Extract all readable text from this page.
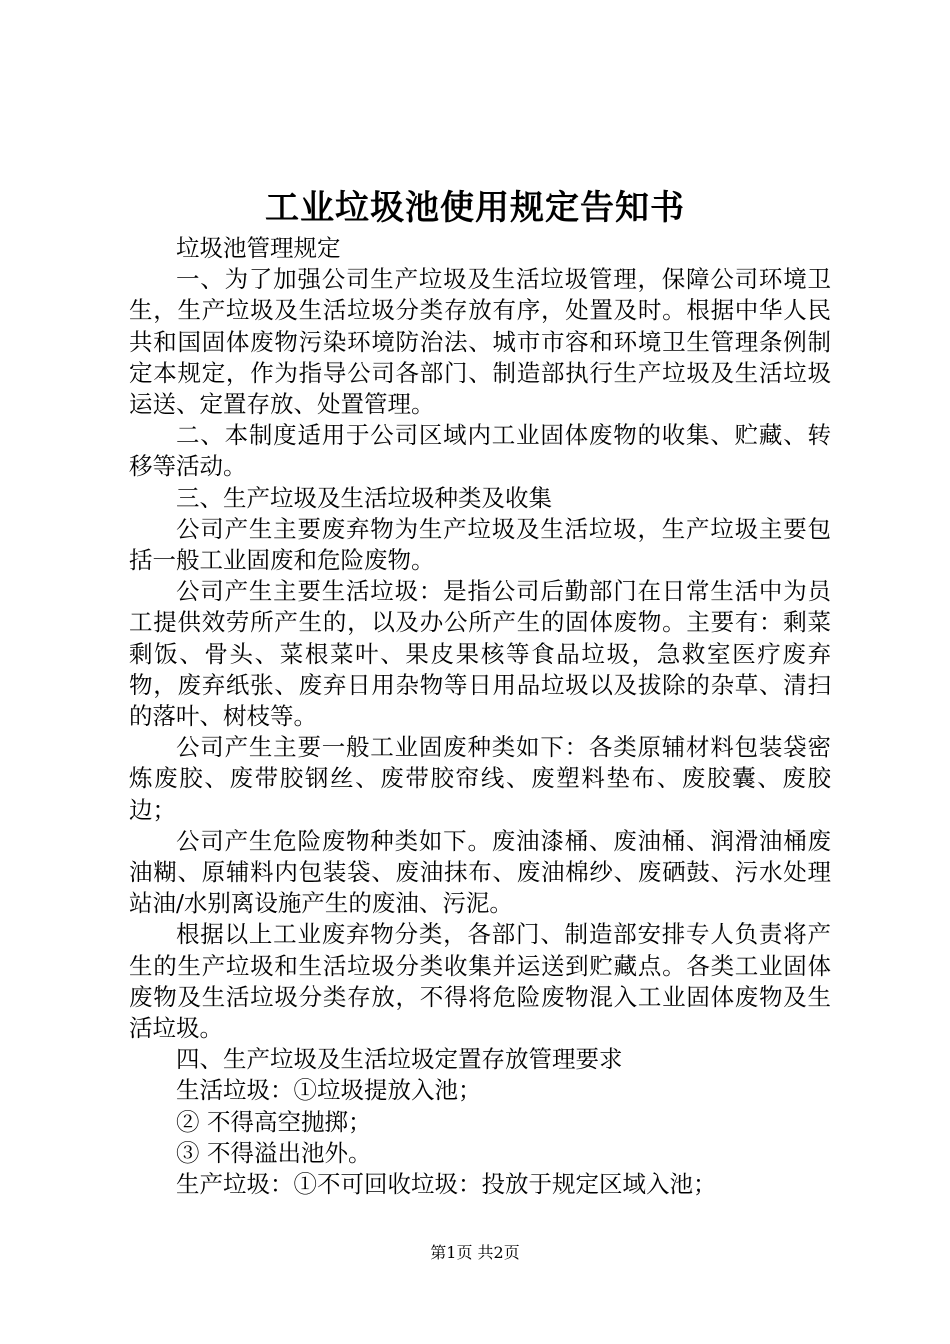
工业垃圾池使用规定告知书

垃圾池管理规定

一、为了加强公司生产垃圾及生活垃圾管理，保障公司环境卫生，生产垃圾及生活垃圾分类存放有序，处置及时。根据中华人民共和国固体废物污染环境防治法、城市市容和环境卫生管理条例制定本规定，作为指导公司各部门、制造部执行生产垃圾及生活垃圾运送、定置存放、处置管理。

二、本制度适用于公司区域内工业固体废物的收集、贮藏、转移等活动。

三、生产垃圾及生活垃圾种类及收集

公司产生主要废弃物为生产垃圾及生活垃圾，生产垃圾主要包括一般工业固废和危险废物。

公司产生主要生活垃圾：是指公司后勤部门在日常生活中为员工提供效劳所产生的，以及办公所产生的固体废物。主要有：剩菜剩饭、骨头、菜根菜叶、果皮果核等食品垃圾，急救室医疗废弃物，废弃纸张、废弃日用杂物等日用品垃圾以及拔除的杂草、清扫的落叶、树枝等。

公司产生主要一般工业固废种类如下：各类原辅材料包装袋密炼废胶、废带胶钢丝、废带胶帘线、废塑料垫布、废胶囊、废胶边；

公司产生危险废物种类如下。废油漆桶、废油桶、润滑油桶废油糊、原辅料内包装袋、废油抹布、废油棉纱、废硒鼓、污水处理站油/水别离设施产生的废油、污泥。

根据以上工业废弃物分类，各部门、制造部安排专人负责将产生的生产垃圾和生活垃圾分类收集并运送到贮藏点。各类工业固体废物及生活垃圾分类存放，不得将危险废物混入工业固体废物及生活垃圾。

四、生产垃圾及生活垃圾定置存放管理要求

生活垃圾：①垃圾提放入池；

② 不得高空抛掷；

③ 不得溢出池外。

生产垃圾：①不可回收垃圾：投放于规定区域入池；

第1页 共2页
